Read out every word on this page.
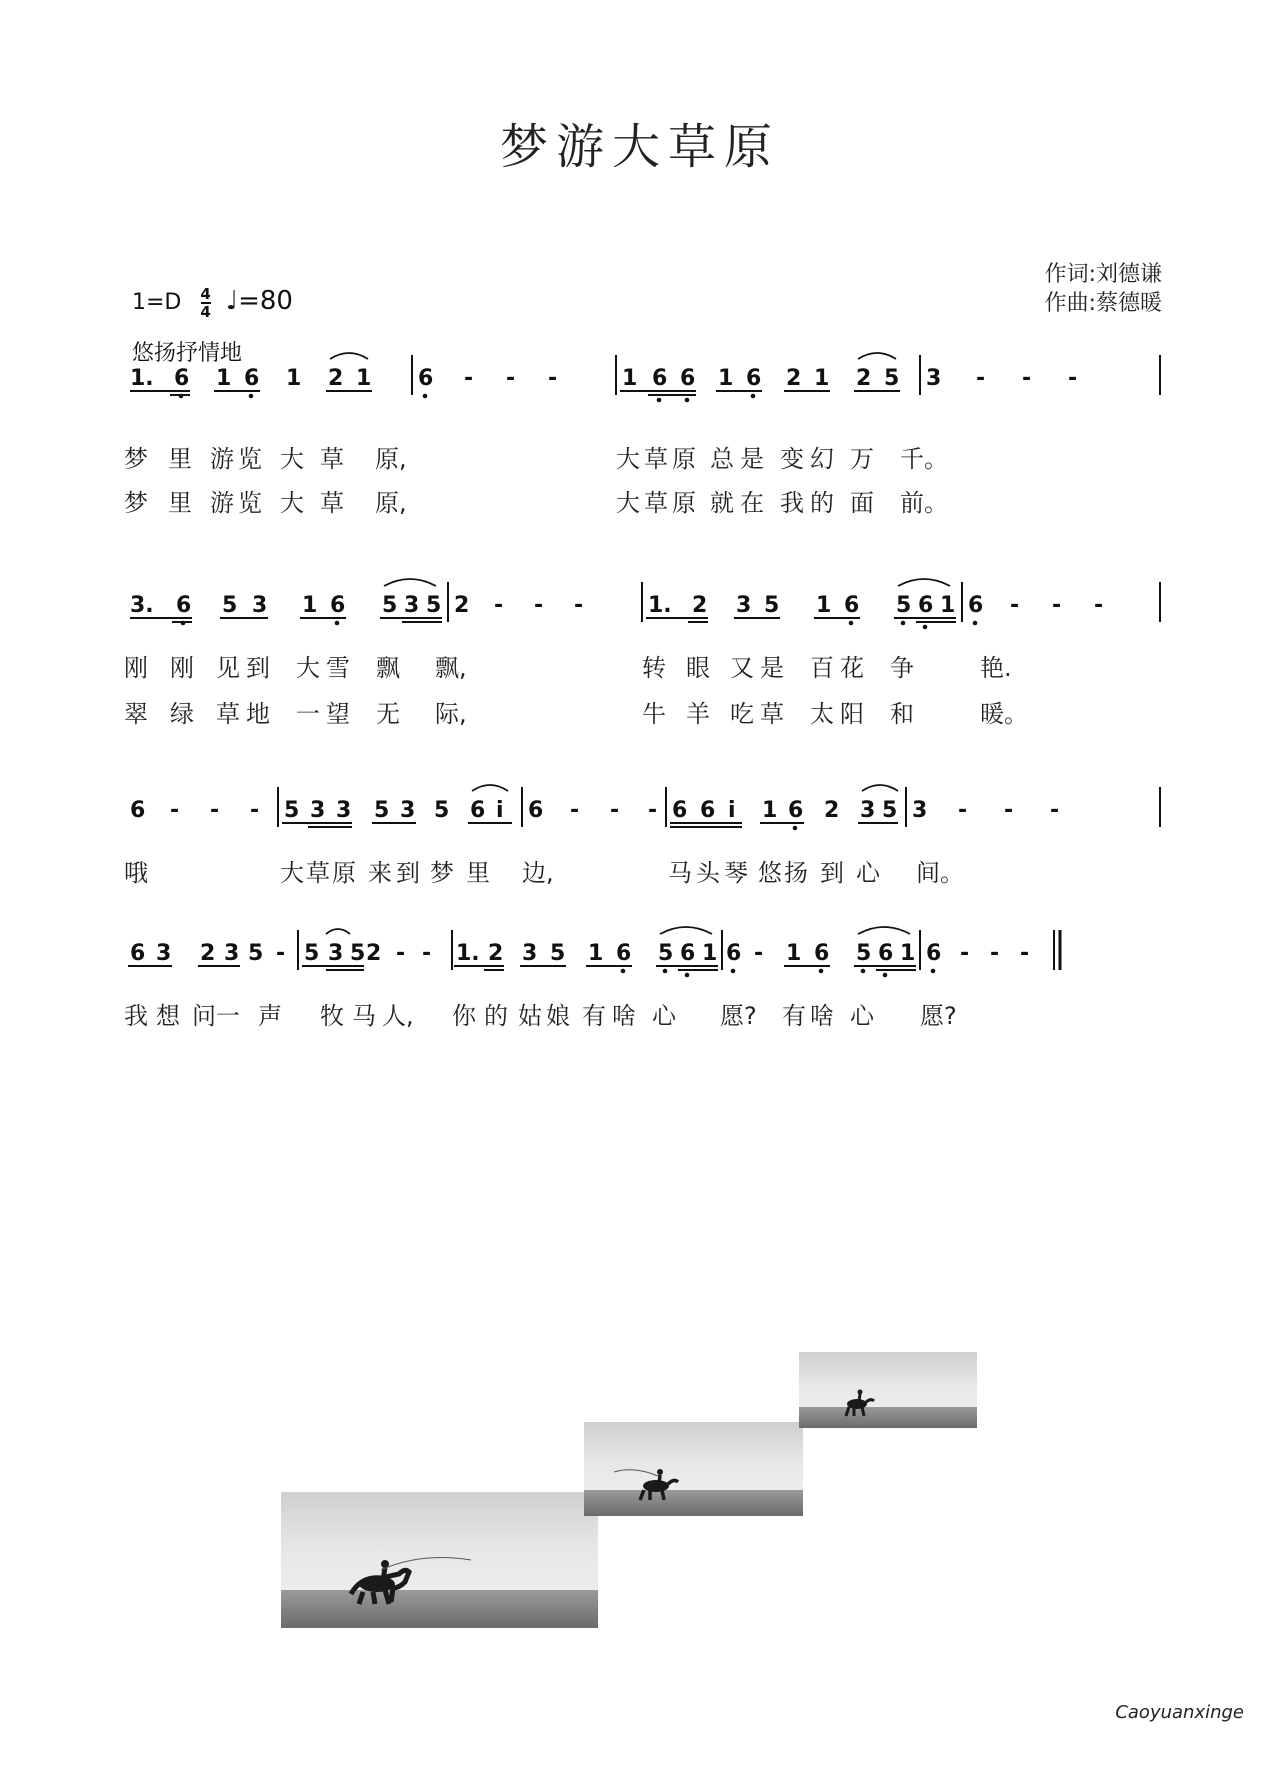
梦游大草原
作词:刘德谦
作曲:蔡德暖
$1=D \frac{4}{4}$ ♩=80
悠扬抒情地
1. 6 1 6 1 2 1 6 - - -	1 6 6 1 6 2 1 2 5 3 - - -
梦 里 游 览 大 草 原,	大 草 原 总 是 变 幻 万 千。
梦 里 游 览 大 草 原,	大 草 原 就 在 我 的 面 前。
3. 6 5 3 1 6 5 3 5 2 - - -	1. 2 3 5 1 6 5 6 1 6 - - -
刚 刚 见 到 大 雪 飘 飘,	转 眼 又 是 百 花 争	艳.
翠 绿 草 地 一 望 无 际,	牛 羊 吃 草 太 阳 和	暖。
6 - - - 5 3 3 5 3 5 6 i 6 - - - 6 6 i 1 6 2 3 5 3 - - -
哦	大 草 原 来 到 梦 里 边,	马 头 琴 悠 扬 到 心 间。
6 3 2 3 5 - 5 3 5 2 - - 1. 2 3 5 1 6 5 6 1 6 - 1 6 5 6 1 6 - - -
我 想 问一 声 牧 马 人, 你 的 姑 娘 有 啥 心 愿? 有 啥 心 愿?
Caoyuanxinge
